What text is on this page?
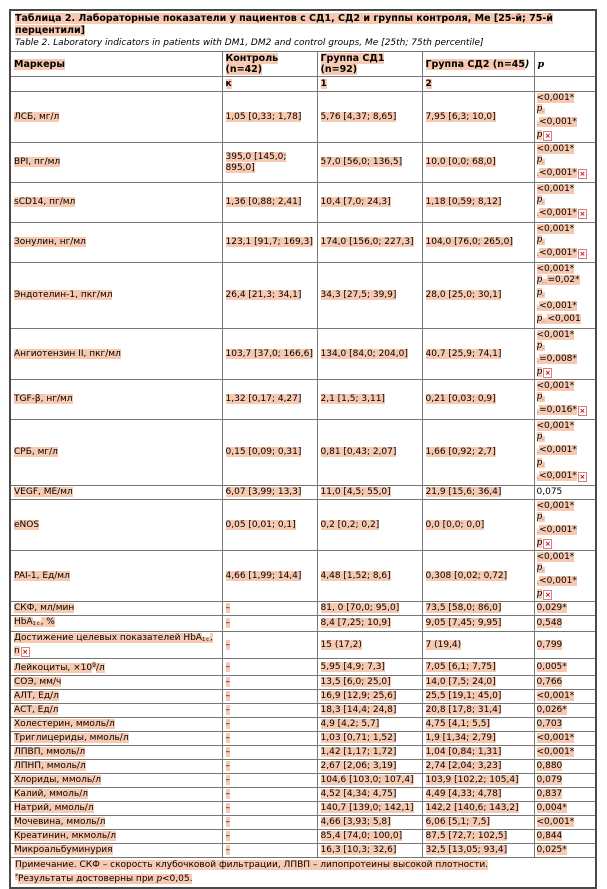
Таблица 2. Лабораторные показатели у пациентов с СД1, СД2 и группы контроля, Ме [25-й; 75-й перцентили]
Table 2. Laboratory indicators in patients with DM1, DM2 and control groups, Me [25th; 75th percentile]				

Маркеры	Контроль (n=42)	Группа СД1 (n=92)	Группа СД2 (n=45)	p
	к	1	2	
ЛСБ, мг/л	1,05 [0,33; 1,78]	5,76 [4,37; 8,65]	7,95 [6,3; 10,0]	<0,001*
$p_.$
$_.$<0,001*
p ×

BPI, пг/мл	395,0 [145,0; 895,0]	57,0 [56,0; 136,5]	10,0 [0,0; 68,0]	<0,001*
$p_.$
$_.$<0,001* ×

sCD14, пг/мл	1,36 [0,88; 2,41]	10,4 [7,0; 24,3]	1,18 [0,59; 8,12]	<0,001*
$p_.$
$_.$<0,001* ×

Зонулин, нг/мл	123,1 [91,7; 169,3]	174,0 [156,0; 227,3]	104,0 [76,0; 265,0]	<0,001*
$p_.$
$_.$<0,001* ×

Эндотелин-1, пкг/мл	26,4 [21,3; 34,1]	34,3 [27,5; 39,9]	28,0 [25,0; 30,1]	<0,001*
$p_{..}=0,02*$
$p_.$
$_.$<0,001*
$p_{..}<0,001$

Ангиотензин II, пкг/мл	103,7 [37,0; 166,6]	134,0 [84,0; 204,0]	40,7 [25,9; 74,1]	<0,001*
$p_.$
$_.$=0,008*
p ×

TGF-β, нг/мл	1,32 [0,17; 4,27]	2,1 [1,5; 3,11]	0,21 [0,03; 0,9]	<0,001*
$p_.$
$_.$=0,016* ×

СРБ, мг/л	0,15 [0,09; 0,31]	0,81 [0,43; 2,07]	1,66 [0,92; 2,7]	<0,001*
$p_.$
$_.$<0,001*
$p_.$
$_.$<0,001* ×

VEGF, МЕ/мл	6,07 [3,99; 13,3]	11,0 [4,5; 55,0]	21,9 [15,6; 36,4]	0,075

eNOS	0,05 [0,01; 0,1]	0,2 [0,2; 0,2]	0,0 [0,0; 0,0]	<0,001*
$p_.$
$_.$<0,001*
p ×

PAI-1, Ед/мл	4,66 [1,99; 14,4]	4,48 [1,52; 8,6]	0,308 [0,02; 0,72]	<0,001*
$p_.$
$_.$<0,001*
p ×

СКФ, мл/мин	–	81, 0 [70,0; 95,0]	73,5 [58,0; 86,0]	0,029*

HbA$_{1c}$, %	–	8,4 [7,25; 10,9]	9,05 [7,45; 9,95]	0,548

Достижение целевых показателей HbA$_{1c}$, n ×	–	15 (17,2)	7 (19,4)	0,799

Лейкоциты, $\times 10^9/л$	–	5,95 [4,9; 7,3]	7,05 [6,1; 7,75]	0,005*

СОЭ, мм/ч	–	13,5 [6,0; 25,0]	14,0 [7,5; 24,0]	0,766

АЛТ, Ед/л	–	16,9 [12,9; 25,6]	25,5 [19,1; 45,0]	<0,001*

АСТ, Ед/л	–	18,3 [14,4; 24,8]	20,8 [17,8; 31,4]	0,026*

Холестерин, ммоль/л	–	4,9 [4,2; 5,7]	4,75 [4,1; 5,5]	0,703

Триглицериды, ммоль/л	–	1,03 [0,71; 1,52]	1,9 [1,34; 2,79]	<0,001*

ЛПВП, ммоль/л	–	1,42 [1,17; 1,72]	1,04 [0,84; 1,31]	<0,001*

ЛПНП, ммоль/л	–	2,67 [2,06; 3,19]	2,74 [2,04; 3,23]	0,880

Хлориды, ммоль/л	–	104,6 [103,0; 107,4]	103,9 [102,2; 105,4]	0,079

Калий, ммоль/л	–	4,52 [4,34; 4,75]	4,49 [4,33; 4,78]	0,837

Натрий, ммоль/л	–	140,7 [139,0; 142,1]	142,2 [140,6; 143,2]	0,004*

Мочевина, ммоль/л	–	4,66 [3,93; 5,8]	6,06 [5,1; 7,5]	<0,001*

Креатинин, мкмоль/л	–	85,4 [74,0; 100,0]	87,5 [72,7; 102,5]	0,844

Микроальбуминурия	–	16,3 [10,3; 32,6]	32,5 [13,05; 93,4]	0,025*

Примечание. СКФ – скорость клубочковой фильтрации, ЛПВП – липопротеины высокой плотности.
*Результаты достоверны при p<0,05.				
